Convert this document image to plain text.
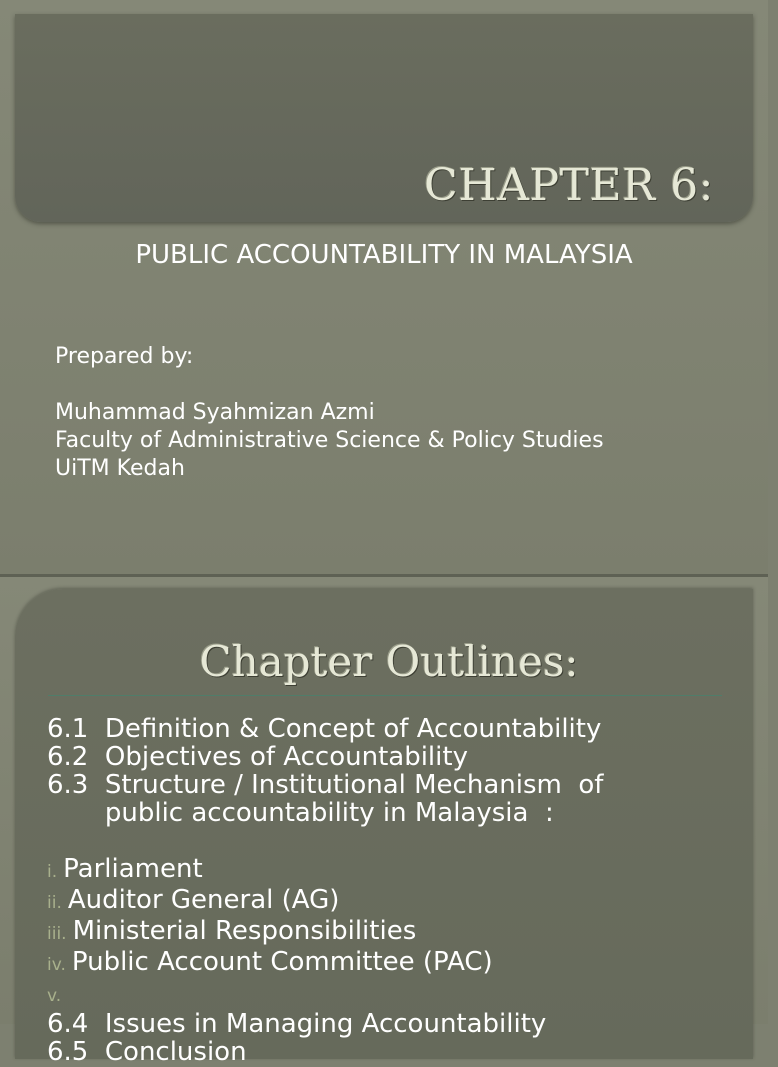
CHAPTER 6:
PUBLIC ACCOUNTABILITY IN MALAYSIA
Prepared by:
Muhammad Syahmizan Azmi
Faculty of Administrative Science & Policy Studies
UiTM Kedah
Chapter Outlines:
6.1  Definition & Concept of Accountability
6.2  Objectives of Accountability
6.3  Structure / Institutional Mechanism  of
public accountability in Malaysia  :
i. Parliament
ii. Auditor General (AG)
iii. Ministerial Responsibilities
iv. Public Account Committee (PAC)
v.
6.4  Issues in Managing Accountability
6.5  Conclusion
